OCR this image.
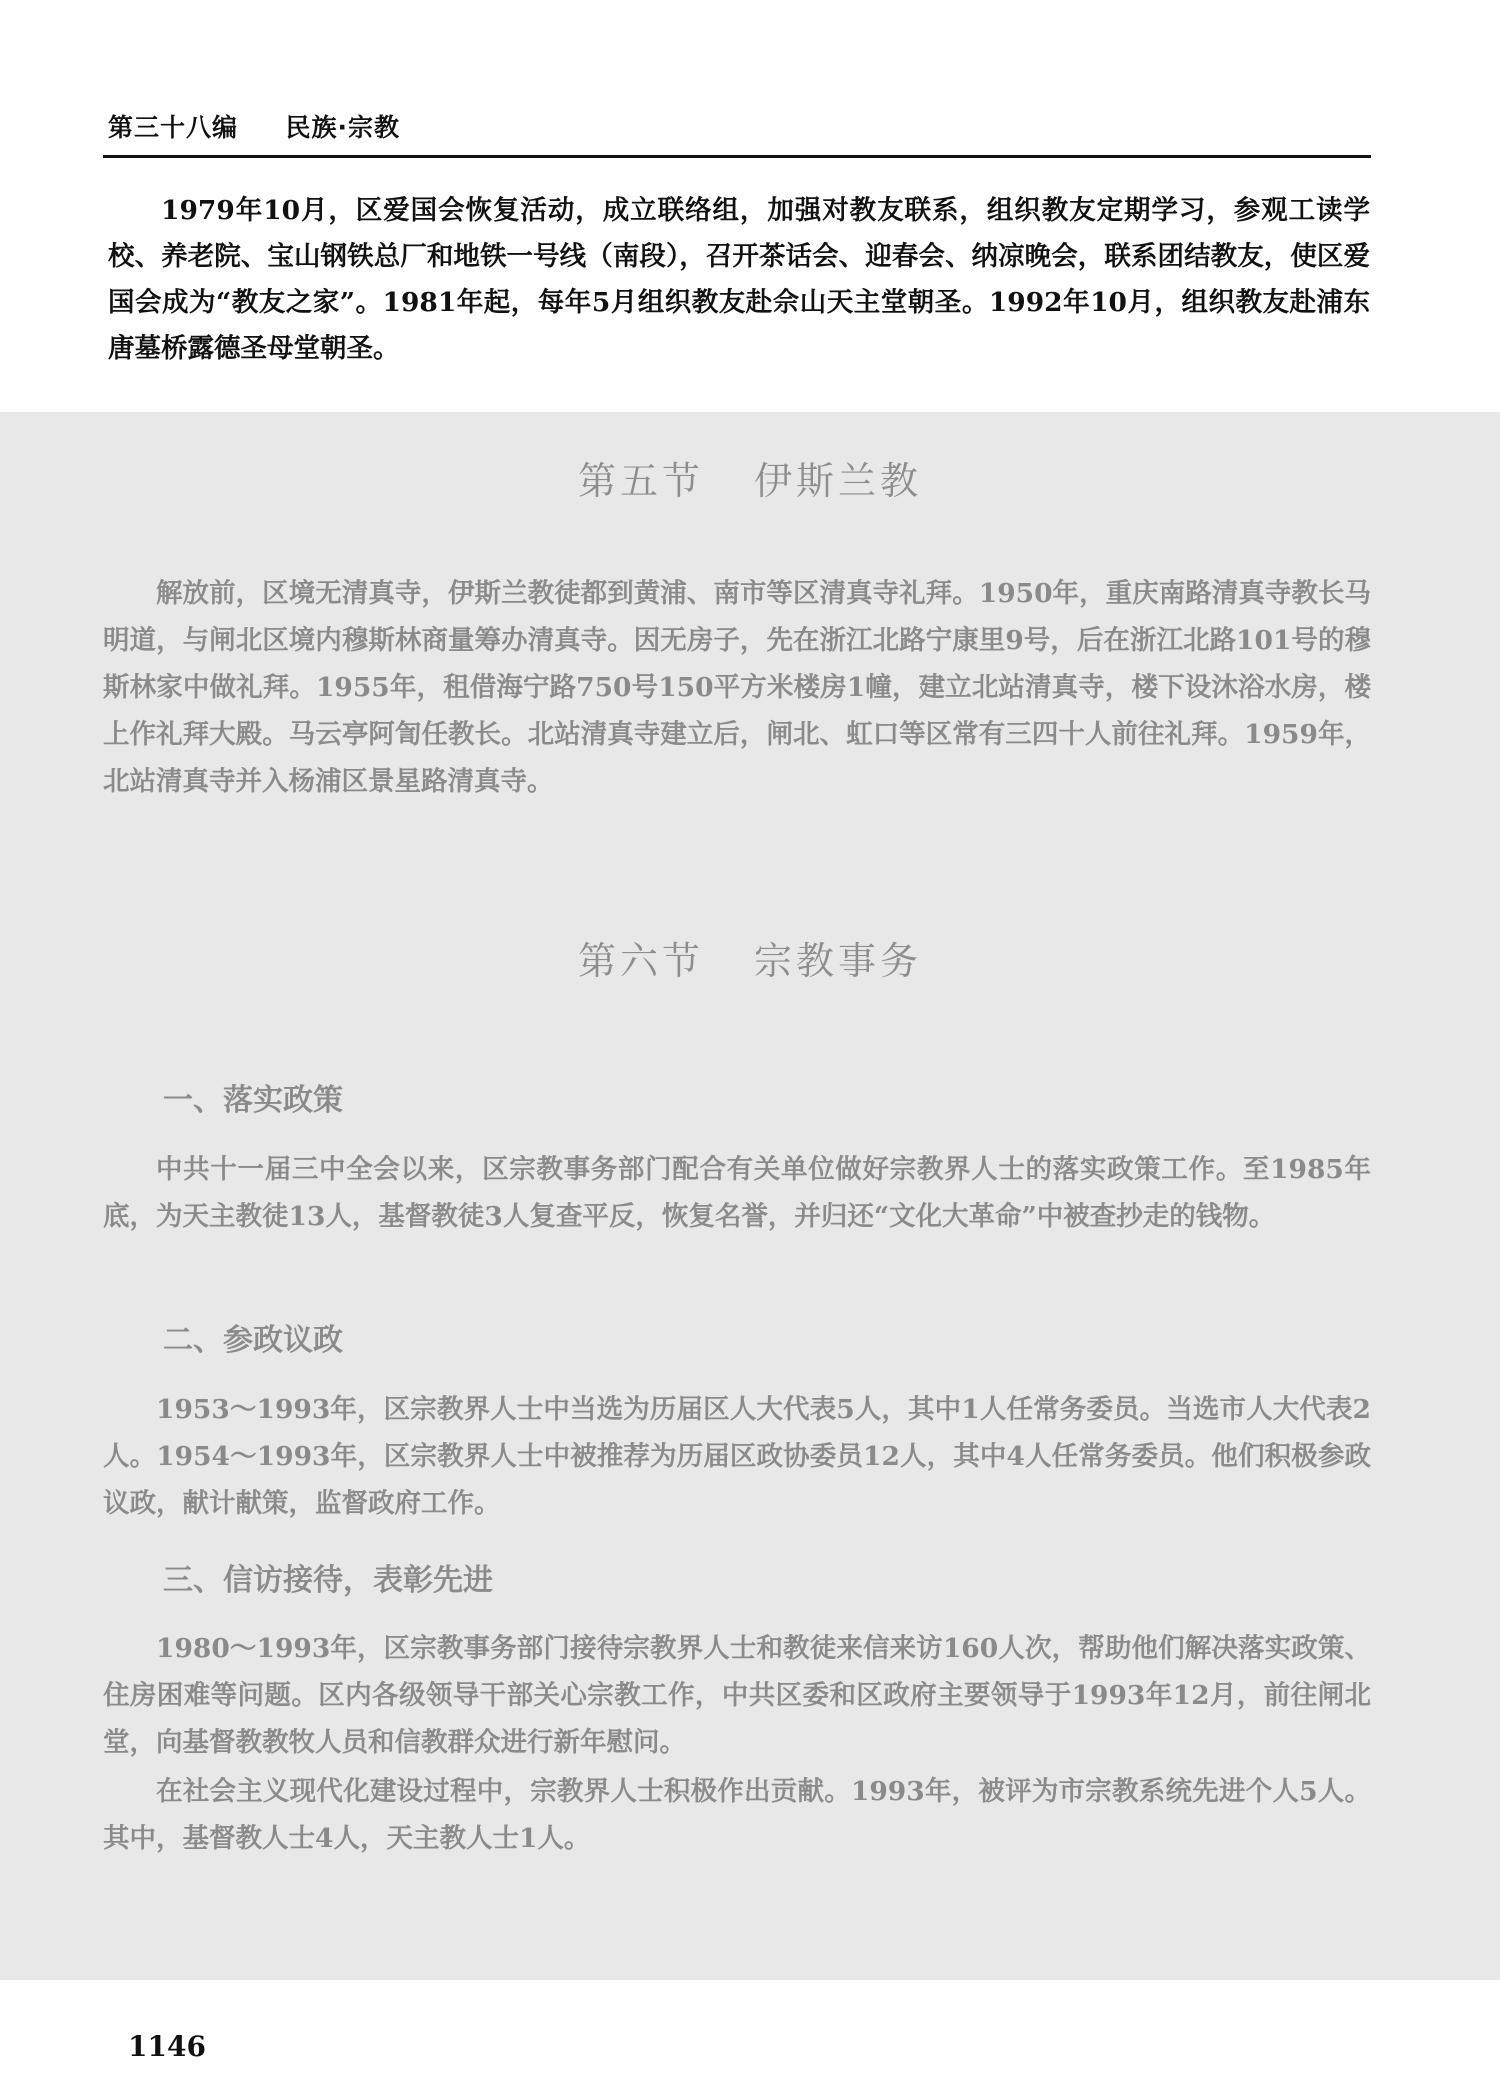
第三十八编 民族·宗教

1979年10月，区爱国会恢复活动，成立联络组，加强对教友联系，组织教友定期学习，参观工读学校、养老院、宝山钢铁总厂和地铁一号线（南段），召开茶话会、迎春会、纳凉晚会，联系团结教友，使区爱国会成为“教友之家”。1981年起，每年5月组织教友赴佘山天主堂朝圣。1992年10月，组织教友赴浦东唐墓桥露德圣母堂朝圣。

第五节 伊斯兰教

解放前，区境无清真寺，伊斯兰教徒都到黄浦、南市等区清真寺礼拜。1950年，重庆南路清真寺教长马明道，与闸北区境内穆斯林商量筹办清真寺。因无房子，先在浙江北路宁康里9号，后在浙江北路101号的穆斯林家中做礼拜。1955年，租借海宁路750号150平方米楼房1幢，建立北站清真寺，楼下设沐浴水房，楼上作礼拜大殿。马云亭阿訇任教长。北站清真寺建立后，闸北、虹口等区常有三四十人前往礼拜。1959年，北站清真寺并入杨浦区景星路清真寺。

第六节 宗教事务
一、落实政策

中共十一届三中全会以来，区宗教事务部门配合有关单位做好宗教界人士的落实政策工作。至1985年底，为天主教徒13人，基督教徒3人复查平反，恢复名誉，并归还“文化大革命”中被查抄走的钱物。

二、参政议政

1953～1993年，区宗教界人士中当选为历届区人大代表5人，其中1人任常务委员。当选市人大代表2人。1954～1993年，区宗教界人士中被推荐为历届区政协委员12人，其中4人任常务委员。他们积极参政议政，献计献策，监督政府工作。

三、信访接待，表彰先进

1980～1993年，区宗教事务部门接待宗教界人士和教徒来信来访160人次，帮助他们解决落实政策、住房困难等问题。区内各级领导干部关心宗教工作，中共区委和区政府主要领导于1993年12月，前往闸北堂，向基督教教牧人员和信教群众进行新年慰问。

在社会主义现代化建设过程中，宗教界人士积极作出贡献。1993年，被评为市宗教系统先进个人5人。其中，基督教人士4人，天主教人士1人。

1146
